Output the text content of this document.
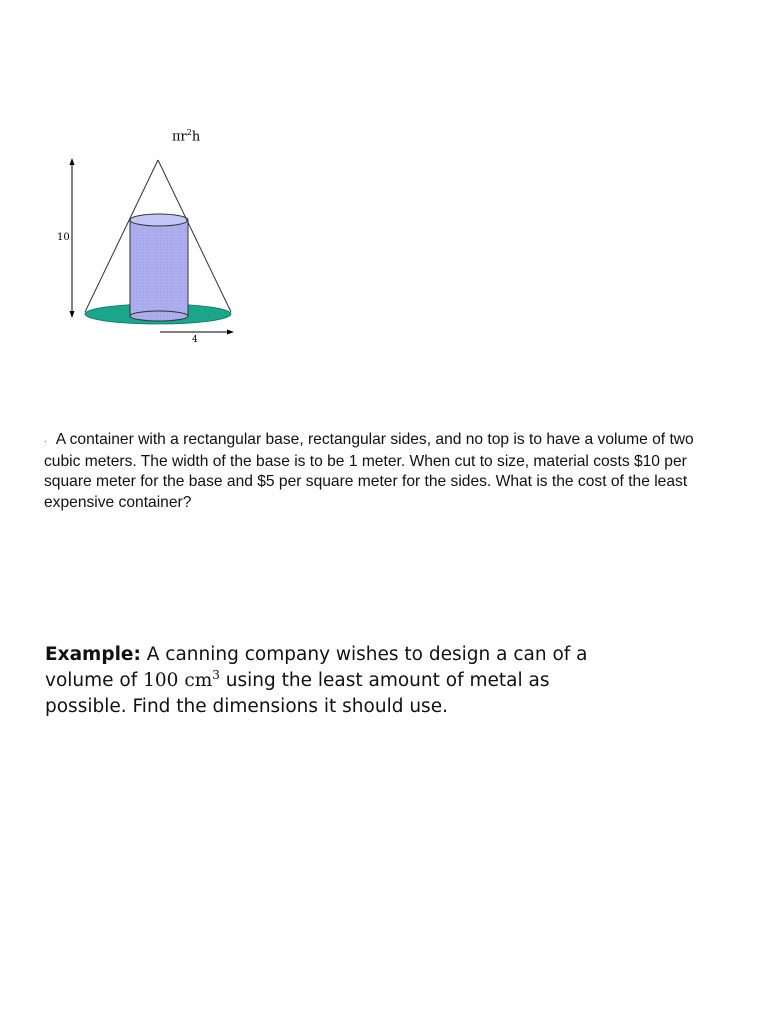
$\pi r^2h$
10
4
. A container with a rectangular base, rectangular sides, and no top is to have a volume of two cubic meters. The width of the base is to be 1 meter. When cut to size, material costs $10 per square meter for the base and $5 per square meter for the sides. What is the cost of the least expensive container?
Example: A canning company wishes to design a can of a volume of 100 $cm^3$ using the least amount of metal as possible. Find the dimensions it should use.
